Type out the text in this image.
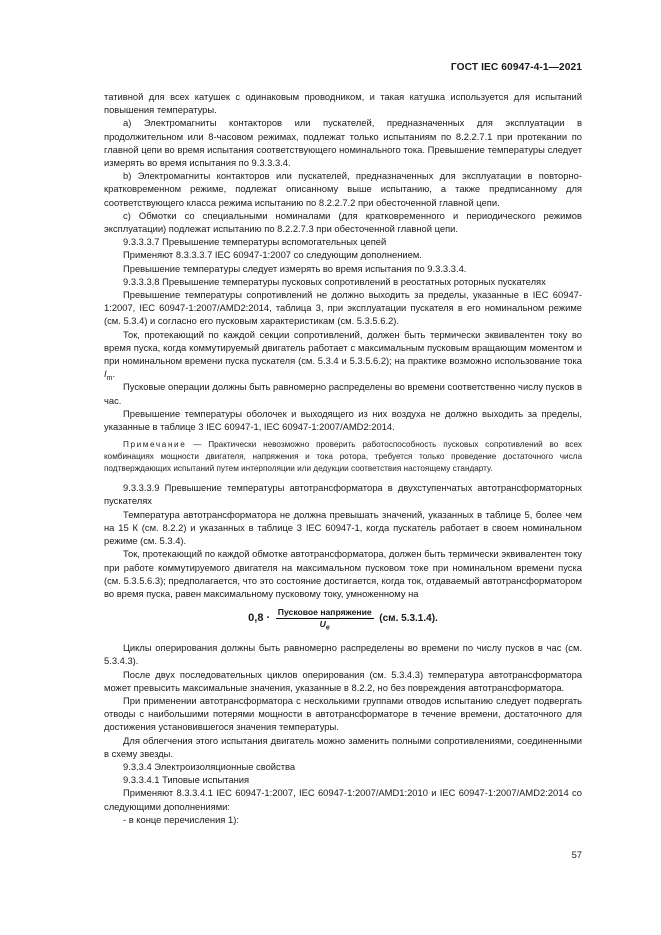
ГОСТ IEC 60947-4-1—2021

тативной для всех катушек с одинаковым проводником, и такая катушка используется для испытаний повышения температуры.

а) Электромагниты контакторов или пускателей, предназначенных для эксплуатации в продолжительном или 8-часовом режимах, подлежат только испытаниям по 8.2.2.7.1 при протекании по главной цепи во время испытания соответствующего номинального тока. Превышение температуры следует измерять во время испытания по 9.3.3.3.4.

b) Электромагниты контакторов или пускателей, предназначенных для эксплуатации в повторно-кратковременном режиме, подлежат описанному выше испытанию, а также предписанному для соответствующего класса режима испытанию по 8.2.2.7.2 при обесточенной главной цепи.

c) Обмотки со специальными номиналами (для кратковременного и периодического режимов эксплуатации) подлежат испытанию по 8.2.2.7.3 при обесточенной главной цепи.

9.3.3.3.7 Превышение температуры вспомогательных цепей

Применяют 8.3.3.3.7 IEC 60947-1:2007 со следующим дополнением.

Превышение температуры следует измерять во время испытания по 9.3.3.3.4.

9.3.3.3.8 Превышение температуры пусковых сопротивлений в реостатных роторных пускателях

Превышение температуры сопротивлений не должно выходить за пределы, указанные в IEC 60947-1:2007, IEC 60947-1:2007/AMD2:2014, таблица 3, при эксплуатации пускателя в его номинальном режиме (см. 5.3.4) и согласно его пусковым характеристикам (см. 5.3.5.6.2).

Ток, протекающий по каждой секции сопротивлений, должен быть термически эквивалентен току во время пуска, когда коммутируемый двигатель работает с максимальным пусковым вращающим моментом и при номинальном времени пуска пускателя (см. 5.3.4 и 5.3.5.6.2); на практике возможно использование тока $I_m$.

Пусковые операции должны быть равномерно распределены во времени соответственно числу пусков в час.

Превышение температуры оболочек и выходящего из них воздуха не должно выходить за пределы, указанные в таблице 3 IEC 60947-1, IEC 60947-1:2007/AMD2:2014.

Примечание — Практически невозможно проверить работоспособность пусковых сопротивлений во всех комбинациях мощности двигателя, напряжения и тока ротора, требуется только проведение достаточного числа подтверждающих испытаний путем интерполяции или дедукции соответствия настоящему стандарту.

9.3.3.3.9 Превышение температуры автотрансформатора в двухступенчатых автотрансформаторных пускателях

Температура автотрансформатора не должна превышать значений, указанных в таблице 5, более чем на 15 К (см. 8.2.2) и указанных в таблице 3 IEC 60947-1, когда пускатель работает в своем номинальном режиме (см. 5.3.4).

Ток, протекающий по каждой обмотке автотрансформатора, должен быть термически эквивалентен току при работе коммутируемого двигателя на максимальном пусковом токе при номинальном времени пуска (см. 5.3.5.6.3); предполагается, что это состояние достигается, когда ток, отдаваемый автотрансформатором во время пуска, равен максимальному пусковому току, умноженному на

$0,8 \cdot \frac{\text{Пусковое напряжение}}{U_e} (см$. 5.3.1.4).

Циклы оперирования должны быть равномерно распределены во времени по числу пусков в час (см. 5.3.4.3).

После двух последовательных циклов оперирования (см. 5.3.4.3) температура автотрансформатора может превысить максимальные значения, указанные в 8.2.2, но без повреждения автотрансформатора.

При применении автотрансформатора с несколькими группами отводов испытанию следует подвергать отводы с наибольшими потерями мощности в автотрансформаторе в течение времени, достаточного для достижения установившегося значения температуры.

Для облегчения этого испытания двигатель можно заменить полными сопротивлениями, соединенными в схему звезды.

9.3.3.4 Электроизоляционные свойства

9.3.3.4.1 Типовые испытания

Применяют 8.3.3.4.1 IEC 60947-1:2007, IEC 60947-1:2007/AMD1:2010 и IEC 60947-1:2007/AMD2:2014 со следующими дополнениями:

- в конце перечисления 1):

57
